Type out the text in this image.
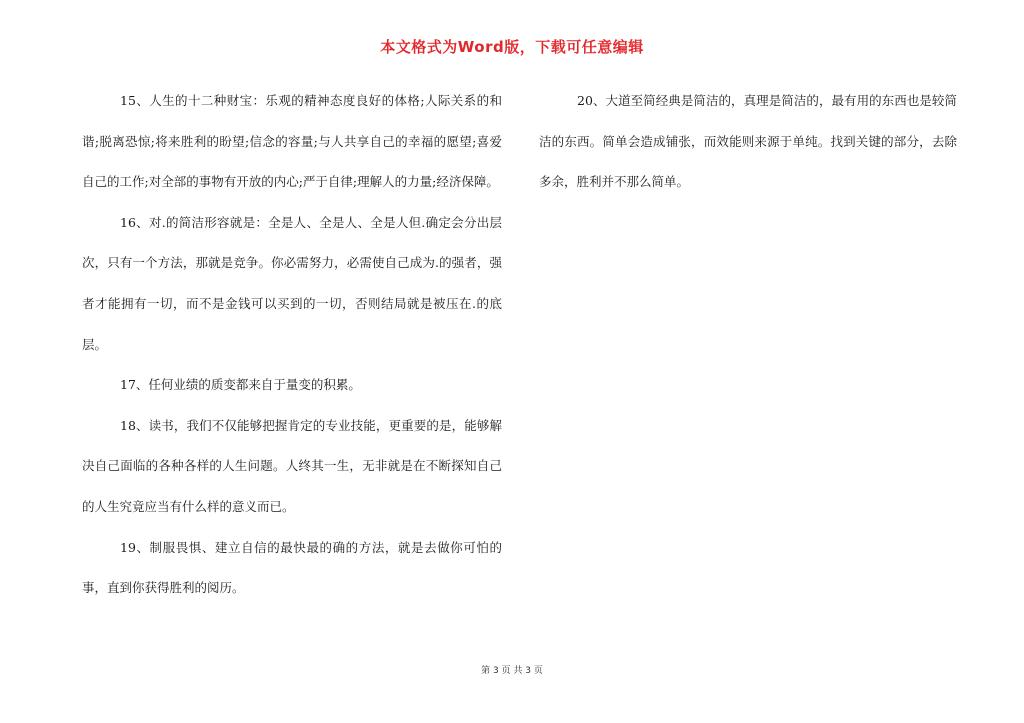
本文格式为Word版，下载可任意编辑

15、人生的十二种财宝：乐观的精神态度良好的体格;人际关系的和谐;脱离恐惊;将来胜利的盼望;信念的容量;与人共享自己的幸福的愿望;喜爱自己的工作;对全部的事物有开放的内心;严于自律;理解人的力量;经济保障。

16、对.的简洁形容就是：全是人、全是人、全是人但.确定会分出层次，只有一个方法，那就是竞争。你必需努力，必需使自己成为.的强者，强者才能拥有一切，而不是金钱可以买到的一切，否则结局就是被压在.的底层。

17、任何业绩的质变都来自于量变的积累。

18、读书，我们不仅能够把握肯定的专业技能，更重要的是，能够解决自己面临的各种各样的人生问题。人终其一生，无非就是在不断探知自己的人生究竟应当有什么样的意义而已。

19、制服畏惧、建立自信的最快最的确的方法，就是去做你可怕的事，直到你获得胜利的阅历。

20、大道至简经典是简洁的，真理是简洁的，最有用的东西也是较简洁的东西。简单会造成铺张，而效能则来源于单纯。找到关键的部分，去除多余，胜利并不那么简单。

第 3 页 共 3 页
